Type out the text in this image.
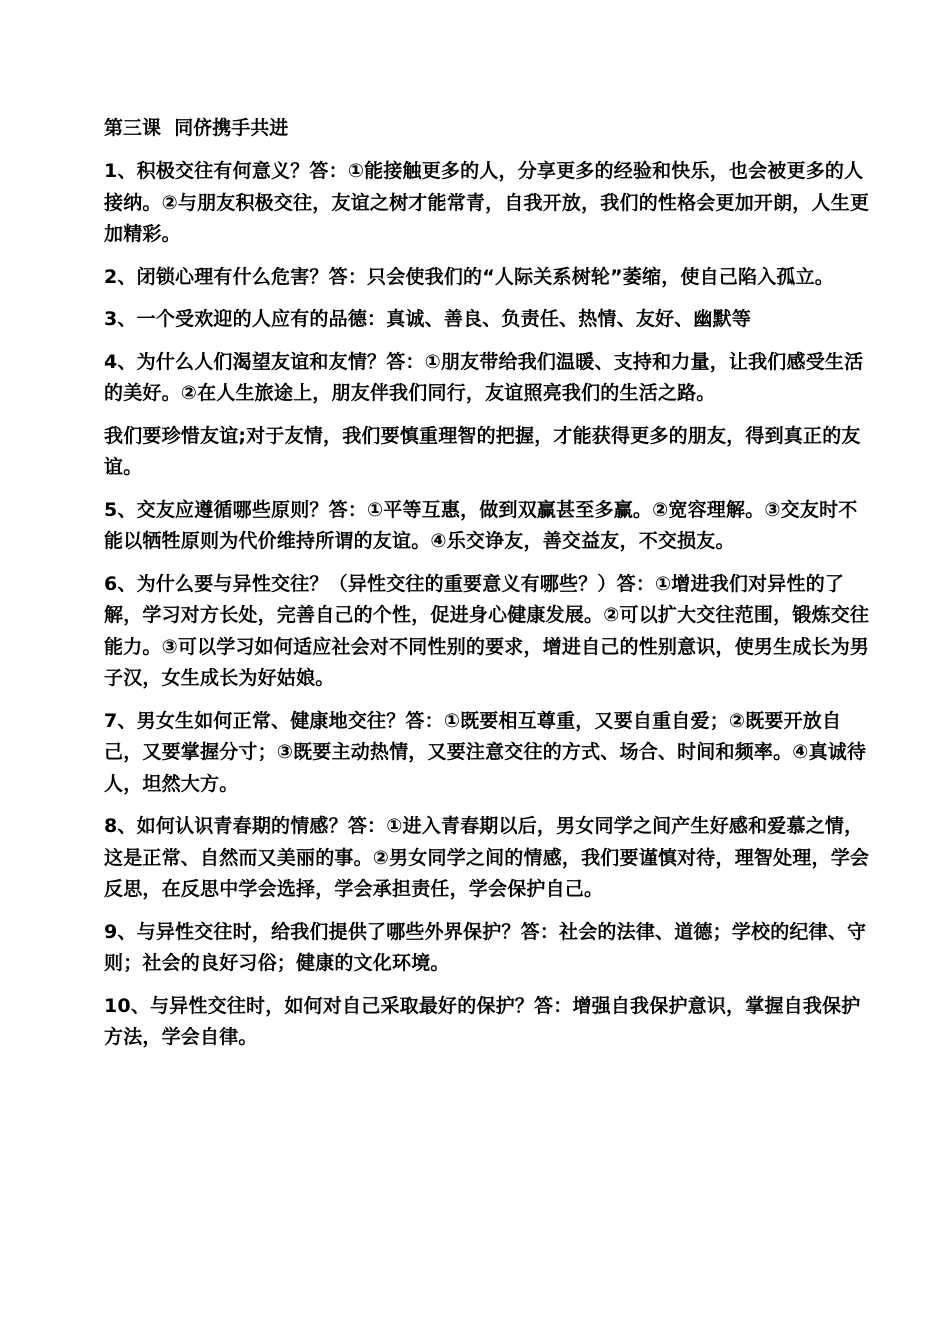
第三课  同侪携手共进

1、积极交往有何意义？答：①能接触更多的人，分享更多的经验和快乐，也会被更多的人接纳。②与朋友积极交往，友谊之树才能常青，自我开放，我们的性格会更加开朗，人生更加精彩。

2、闭锁心理有什么危害？答：只会使我们的“人际关系树轮”萎缩，使自己陷入孤立。

3、一个受欢迎的人应有的品德：真诚、善良、负责任、热情、友好、幽默等

4、为什么人们渴望友谊和友情？答：①朋友带给我们温暖、支持和力量，让我们感受生活的美好。②在人生旅途上，朋友伴我们同行，友谊照亮我们的生活之路。

我们要珍惜友谊;对于友情，我们要慎重理智的把握，才能获得更多的朋友，得到真正的友谊。

5、交友应遵循哪些原则？答：①平等互惠，做到双赢甚至多赢。②宽容理解。③交友时不能以牺牲原则为代价维持所谓的友谊。④乐交诤友，善交益友，不交损友。

6、为什么要与异性交往？（异性交往的重要意义有哪些？）答：①增进我们对异性的了解，学习对方长处，完善自己的个性，促进身心健康发展。②可以扩大交往范围，锻炼交往能力。③可以学习如何适应社会对不同性别的要求，增进自己的性别意识，使男生成长为男子汉，女生成长为好姑娘。

7、男女生如何正常、健康地交往？答：①既要相互尊重，又要自重自爱；②既要开放自己，又要掌握分寸；③既要主动热情，又要注意交往的方式、场合、时间和频率。④真诚待人，坦然大方。

8、如何认识青春期的情感？答：①进入青春期以后，男女同学之间产生好感和爱慕之情，这是正常、自然而又美丽的事。②男女同学之间的情感，我们要谨慎对待，理智处理，学会反思，在反思中学会选择，学会承担责任，学会保护自己。

9、与异性交往时，给我们提供了哪些外界保护？答：社会的法律、道德；学校的纪律、守则；社会的良好习俗；健康的文化环境。

10、与异性交往时，如何对自己采取最好的保护？答：增强自我保护意识，掌握自我保护方法，学会自律。
